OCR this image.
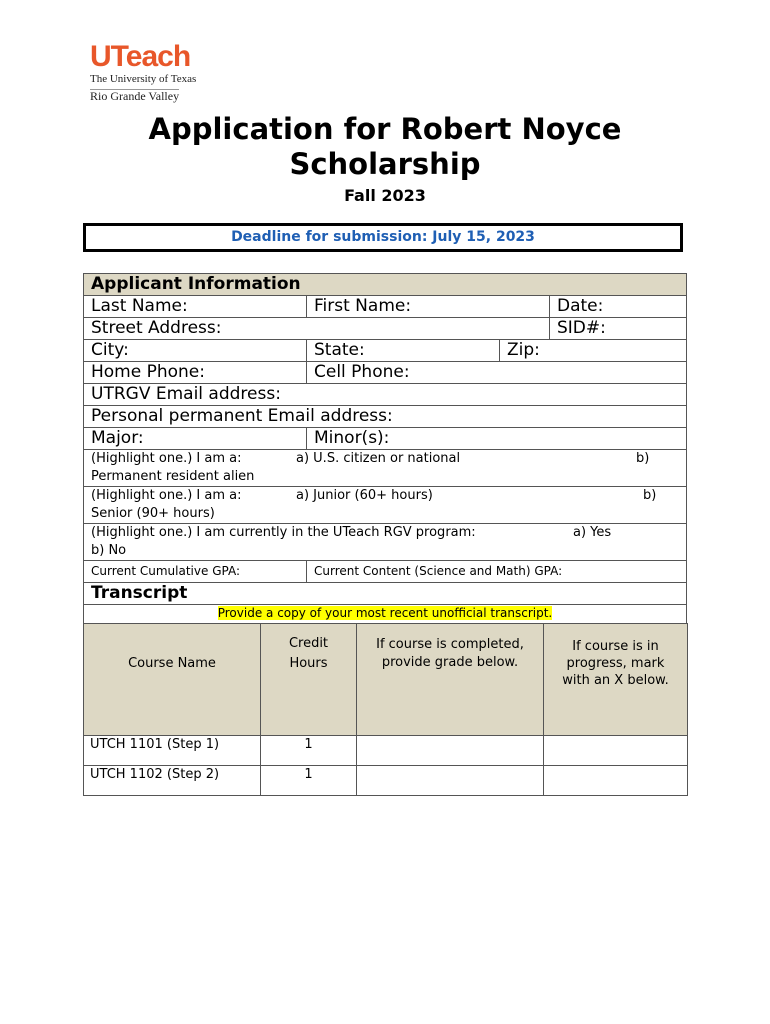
UTeach
The University of Texas
Rio Grande Valley
Application for Robert Noyce Scholarship
Fall 2023
Deadline for submission: July 15, 2023
Applicant Information
Last Name:	First Name:	Date:
Street Address:	SID#:
City:	State:	Zip:
Home Phone:	Cell Phone:
UTRGV Email address:
Personal permanent Email address:
Major:	Minor(s):
(Highlight one.) I am a:	a) U.S. citizen or national	b)
Permanent resident alien
(Highlight one.) I am a:	a) Junior (60+ hours)	b)
Senior (90+ hours)
(Highlight one.) I am currently in the UTeach RGV program:	a) Yes
b) No
Current Cumulative GPA:	Current Content (Science and Math) GPA:
Transcript
Provide a copy of your most recent unofficial transcript.
Course Name	Credit Hours	If course is completed, provide grade below.	If course is in progress, mark with an X below.
UTCH 1101 (Step 1)	1		
UTCH 1102 (Step 2)	1		
